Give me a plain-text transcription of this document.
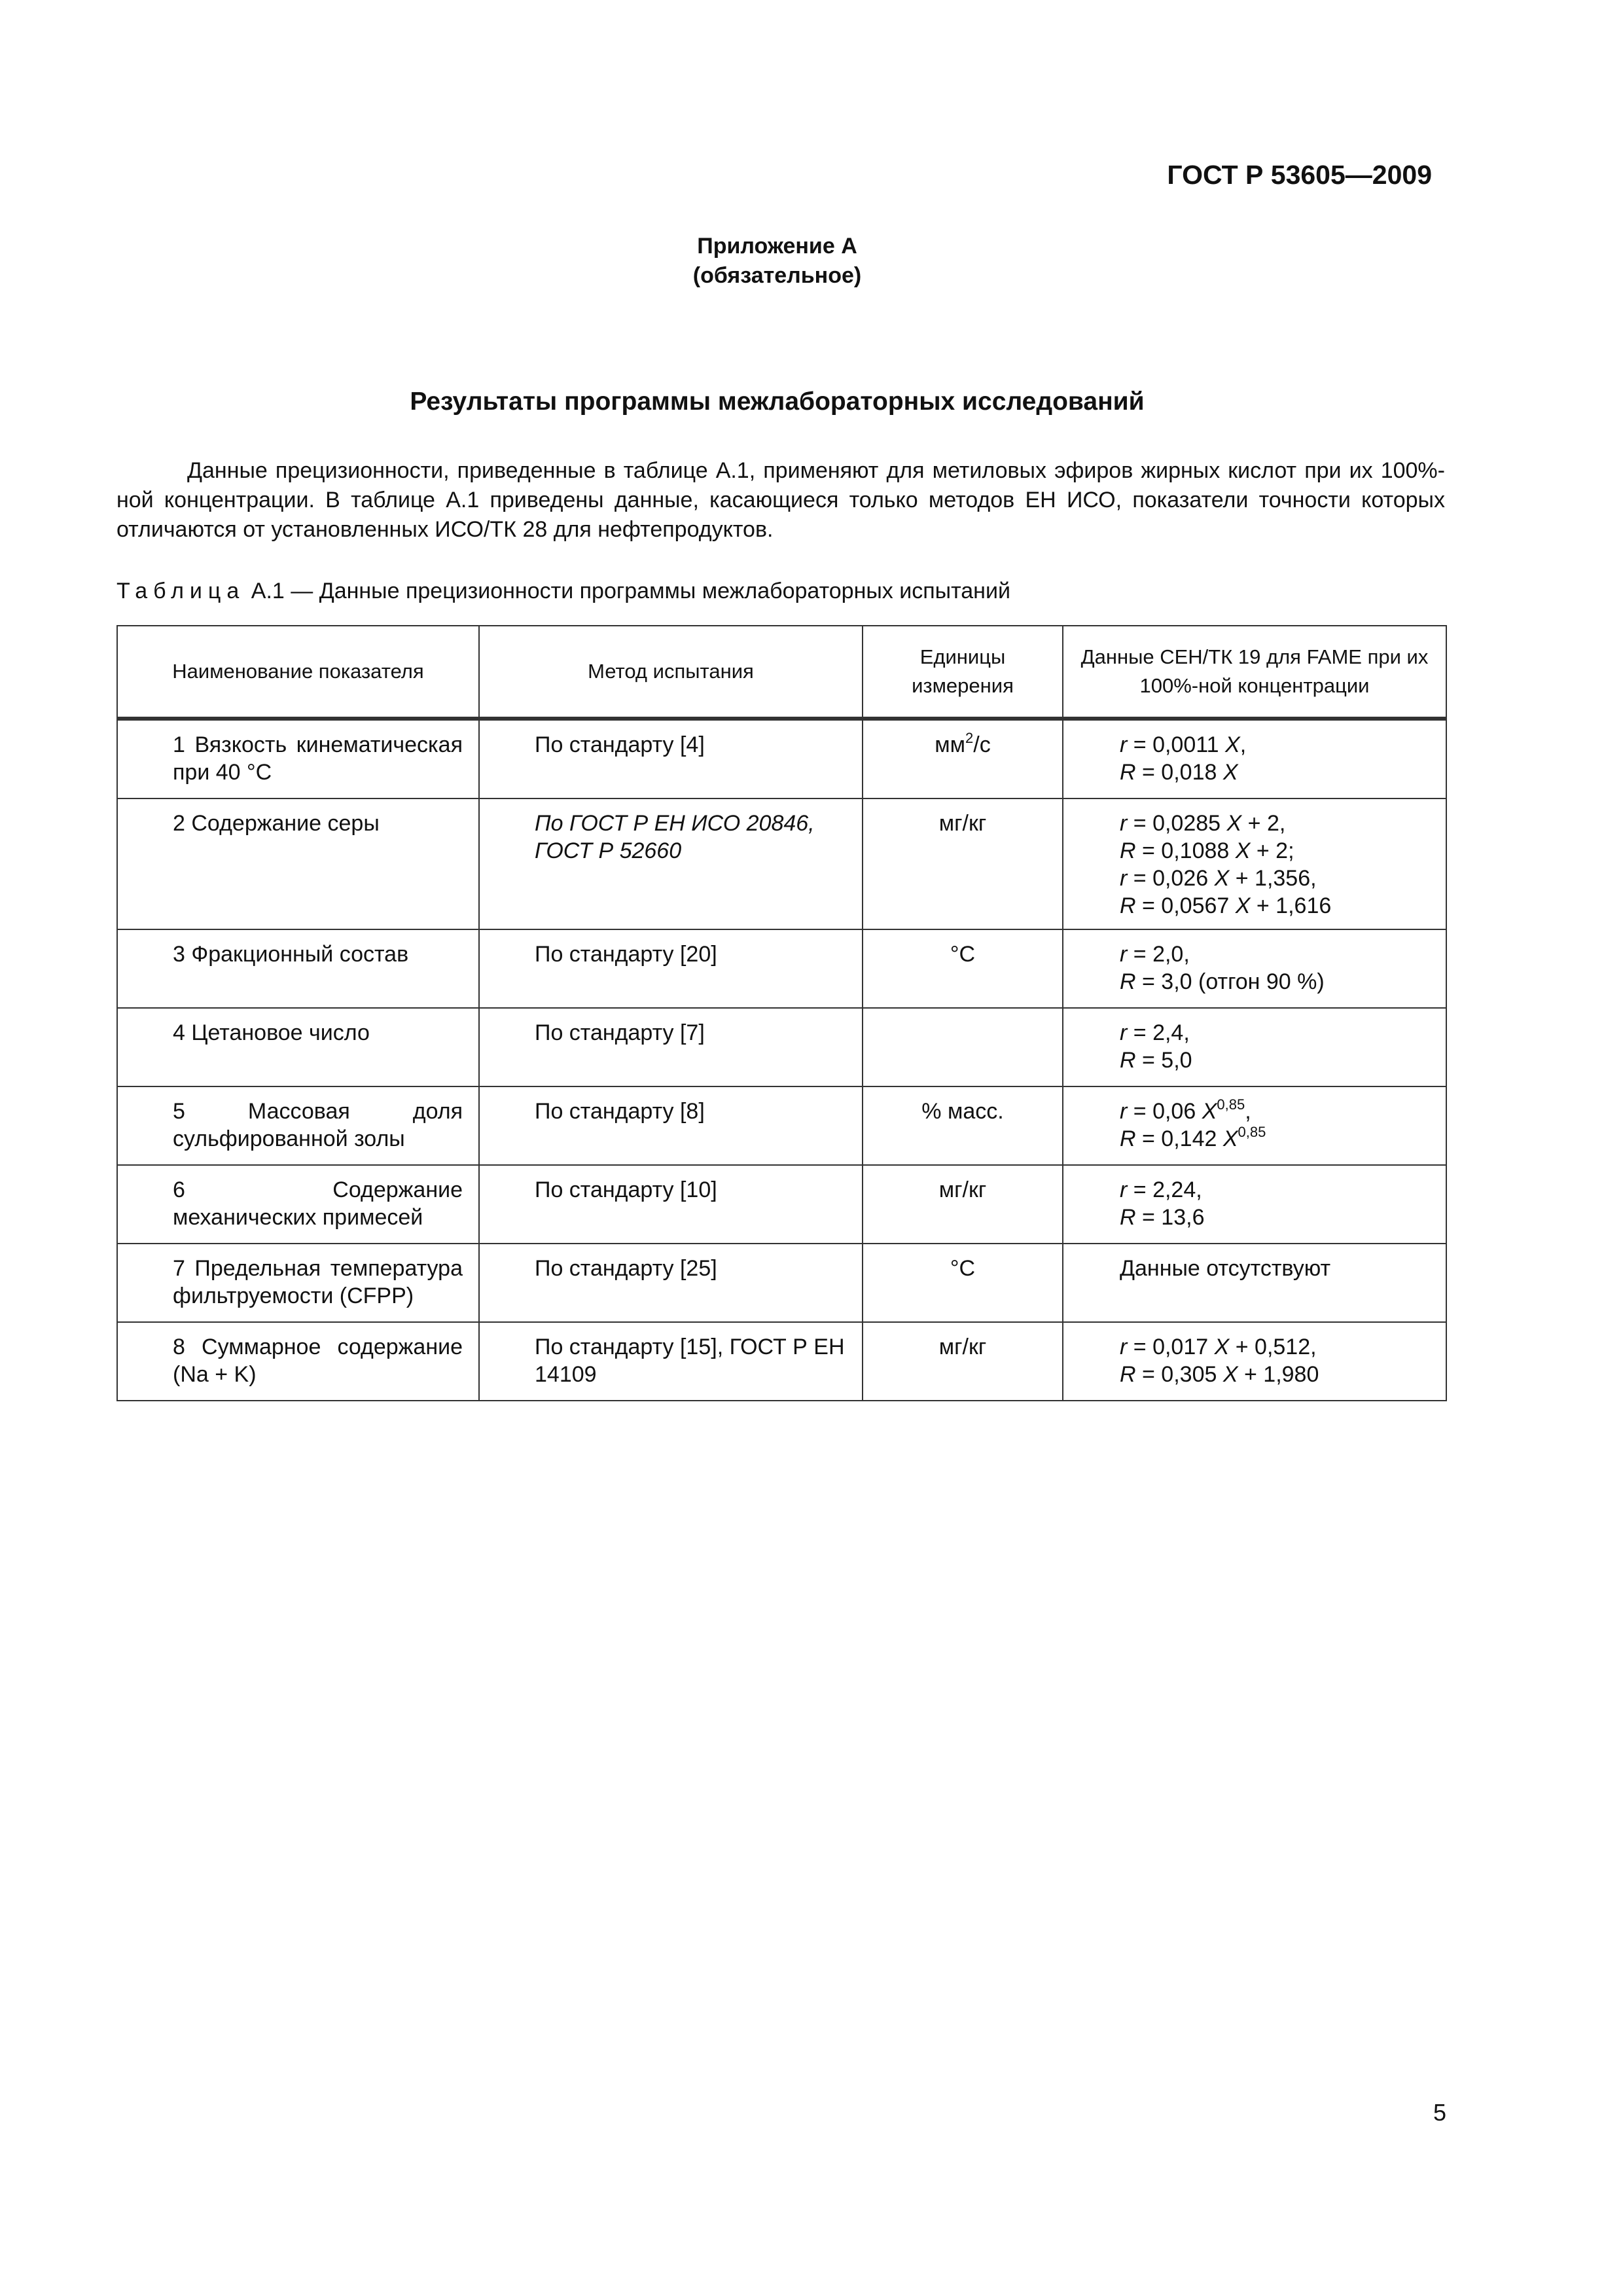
ГОСТ Р 53605—2009
Приложение А
(обязательное)
Результаты программы межлабораторных исследований

Данные прецизионности, приведенные в таблице А.1, применяют для метиловых эфиров жирных кислот при их 100%-ной концентрации. В таблице А.1 приведены данные, касающиеся только методов ЕН ИСО, показатели точности которых отличаются от установленных ИСО/ТК 28 для нефтепродуктов.

Таблица А.1 — Данные прецизионности программы межлабораторных испытаний
Наименование показателя	Метод испытания	Единицы измерения	Данные СЕН/ТК 19 для FAME при их 100%-ной концентрации
1 Вязкость кинематическая при 40 °C	По стандарту [4]	$мм^2/с$	r = 0,0011 X,
R = 0,018 X

2 Содержание серы	По ГОСТ Р ЕН ИСО 20846, ГОСТ Р 52660	мг/кг	r = 0,0285 X + 2,
R = 0,1088 X + 2;
r = 0,026 X + 1,356,
R = 0,0567 X + 1,616

3 Фракционный состав	По стандарту [20]	°C	r = 2,0,
R = 3,0 (отгон 90 %)

4 Цетановое число	По стандарту [7]		r = 2,4,
R = 5,0

5 Массовая доля сульфированной золы	По стандарту [8]	% масс.	r = 0,06 X$^{0,85}$,
R = 0,142 X$^{0,85}$

6 Содержание механических примесей	По стандарту [10]	мг/кг	r = 2,24,
R = 13,6

7 Предельная температура фильтруемости (CFPP)	По стандарту [25]	°C	Данные отсутствуют

8 Суммарное содержание (Na + K)	По стандарту [15], ГОСТ Р ЕН 14109	мг/кг	r = 0,017 X + 0,512,
R = 0,305 X + 1,980
5
